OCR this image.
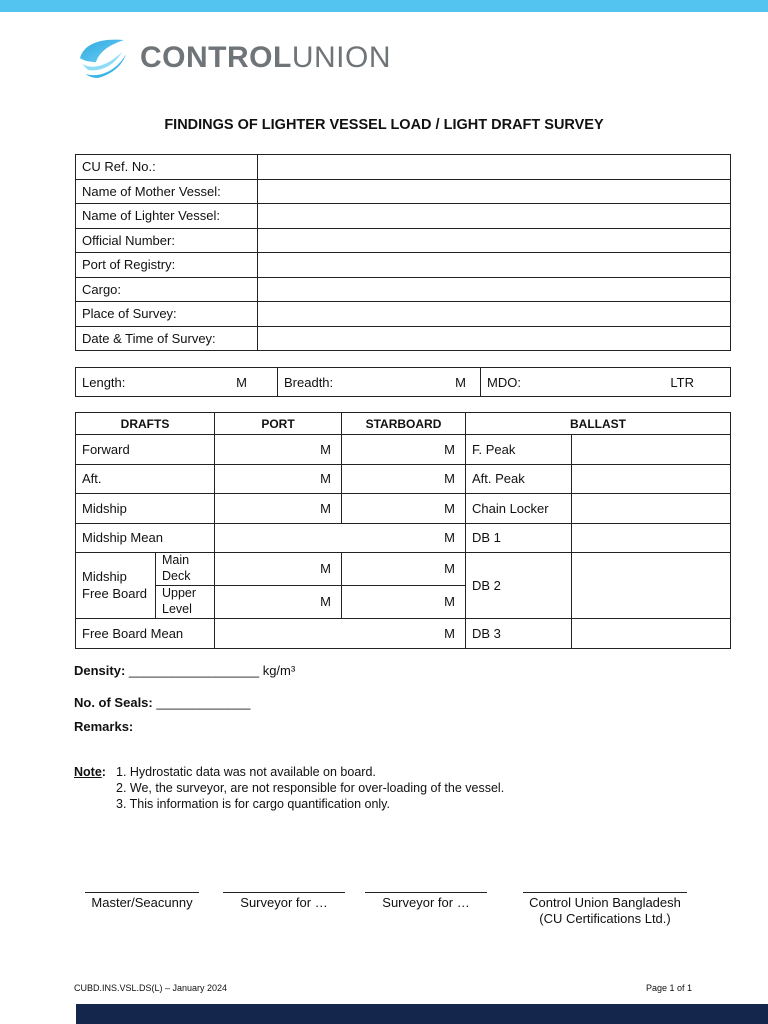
CONTROLUNION
FINDINGS OF LIGHTER VESSEL LOAD / LIGHT DRAFT SURVEY
CU Ref. No.:	
Name of Mother Vessel:	
Name of Lighter Vessel:	
Official Number:	
Port of Registry:	
Cargo:	
Place of Survey:	
Date & Time of Survey:	
Length:	M	Breadth:	M	MDO:	LTR
DRAFTS		PORT	STARBOARD	BALLAST	
Forward		M	M	F. Peak	
Aft.		M	M	Aft. Peak	
Midship		M	M	Chain Locker	
Midship Mean		M		DB 1	
Midship Free Board	Main Deck	M	M	DB 2	
	Upper Level	M	M		
Free Board Mean		M		DB 3	
Density: __________________ kg/m³
No. of Seals: _____________
Remarks:
Note: 1. Hydrostatic data was not available on board.
2. We, the surveyor, are not responsible for over-loading of the vessel.
3. This information is for cargo quantification only.
Master/Seacunny	Surveyor for …	Surveyor for …	Control Union Bangladesh
(CU Certifications Ltd.)
CUBD.INS.VSL.DS(L) – January 2024	Page 1 of 1
